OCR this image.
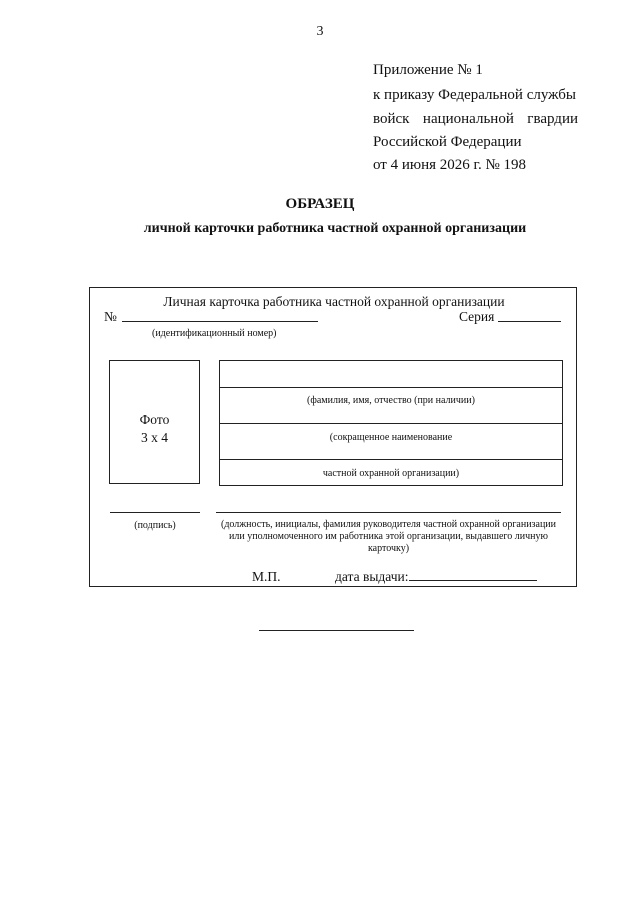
3
Приложение № 1
к приказу Федеральной службы
войск национальной гвардии
Российской Федерации
от 4 июня 2026 г. № 198
ОБРАЗЕЦ
личной карточки работника частной охранной организации
Личная карточка работника частной охранной организации
№	Серия
(идентификационный номер)
Фото
3 х 4
(фамилия, имя, отчество (при наличии)
(сокращенное наименование
частной охранной организации)
(подпись)	(должность, инициалы, фамилия руководителя частной охранной организации или уполномоченного им работника этой организации, выдавшего личную карточку)
М.П.	дата выдачи:
